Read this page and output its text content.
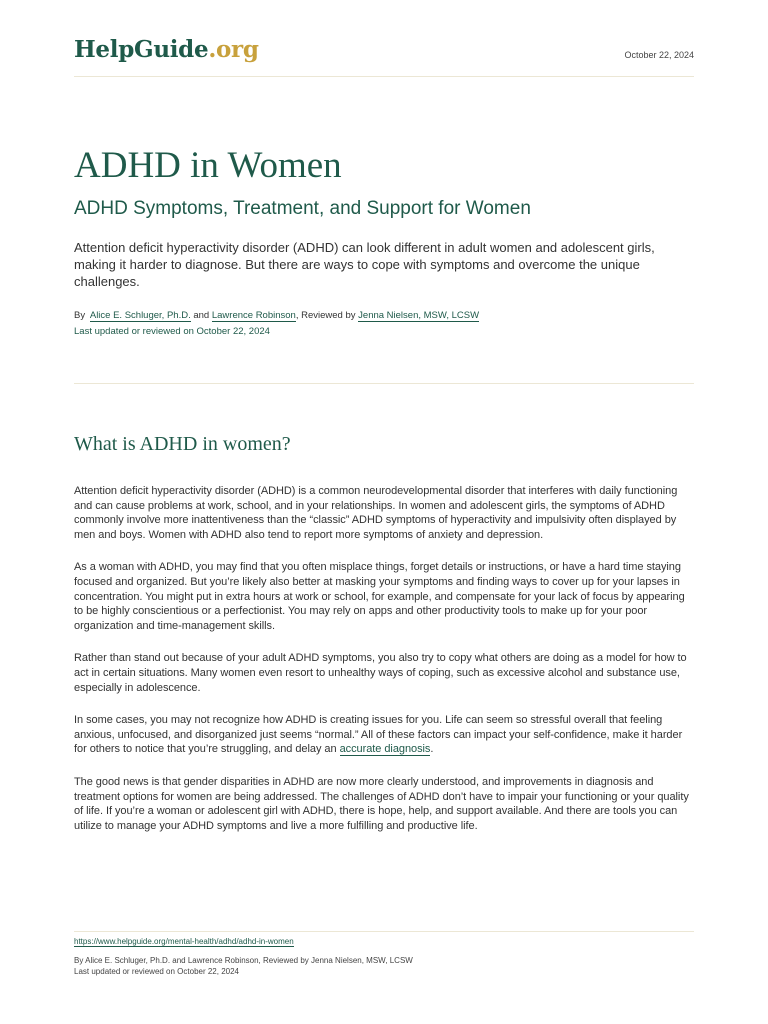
HelpGuide.org	October 22, 2024
ADHD in Women
ADHD Symptoms, Treatment, and Support for Women

Attention deficit hyperactivity disorder (ADHD) can look different in adult women and adolescent girls, making it harder to diagnose. But there are ways to cope with symptoms and overcome the unique challenges.

By Alice E. Schluger, Ph.D. and Lawrence Robinson, Reviewed by Jenna Nielsen, MSW, LCSW
Last updated or reviewed on October 22, 2024
What is ADHD in women?

Attention deficit hyperactivity disorder (ADHD) is a common neurodevelopmental disorder that interferes with daily functioning and can cause problems at work, school, and in your relationships. In women and adolescent girls, the symptoms of ADHD commonly involve more inattentiveness than the “classic” ADHD symptoms of hyperactivity and impulsivity often displayed by men and boys. Women with ADHD also tend to report more symptoms of anxiety and depression.

As a woman with ADHD, you may find that you often misplace things, forget details or instructions, or have a hard time staying focused and organized. But you’re likely also better at masking your symptoms and finding ways to cover up for your lapses in concentration. You might put in extra hours at work or school, for example, and compensate for your lack of focus by appearing to be highly conscientious or a perfectionist. You may rely on apps and other productivity tools to make up for your poor organization and time-management skills.

Rather than stand out because of your adult ADHD symptoms, you also try to copy what others are doing as a model for how to act in certain situations. Many women even resort to unhealthy ways of coping, such as excessive alcohol and substance use, especially in adolescence.

In some cases, you may not recognize how ADHD is creating issues for you. Life can seem so stressful overall that feeling anxious, unfocused, and disorganized just seems “normal.” All of these factors can impact your self-confidence, make it harder for others to notice that you’re struggling, and delay an accurate diagnosis.

The good news is that gender disparities in ADHD are now more clearly understood, and improvements in diagnosis and treatment options for women are being addressed. The challenges of ADHD don’t have to impair your functioning or your quality of life. If you’re a woman or adolescent girl with ADHD, there is hope, help, and support available. And there are tools you can utilize to manage your ADHD symptoms and live a more fulfilling and productive life.

https://www.helpguide.org/mental-health/adhd/adhd-in-women
By Alice E. Schluger, Ph.D. and Lawrence Robinson, Reviewed by Jenna Nielsen, MSW, LCSW
Last updated or reviewed on October 22, 2024
